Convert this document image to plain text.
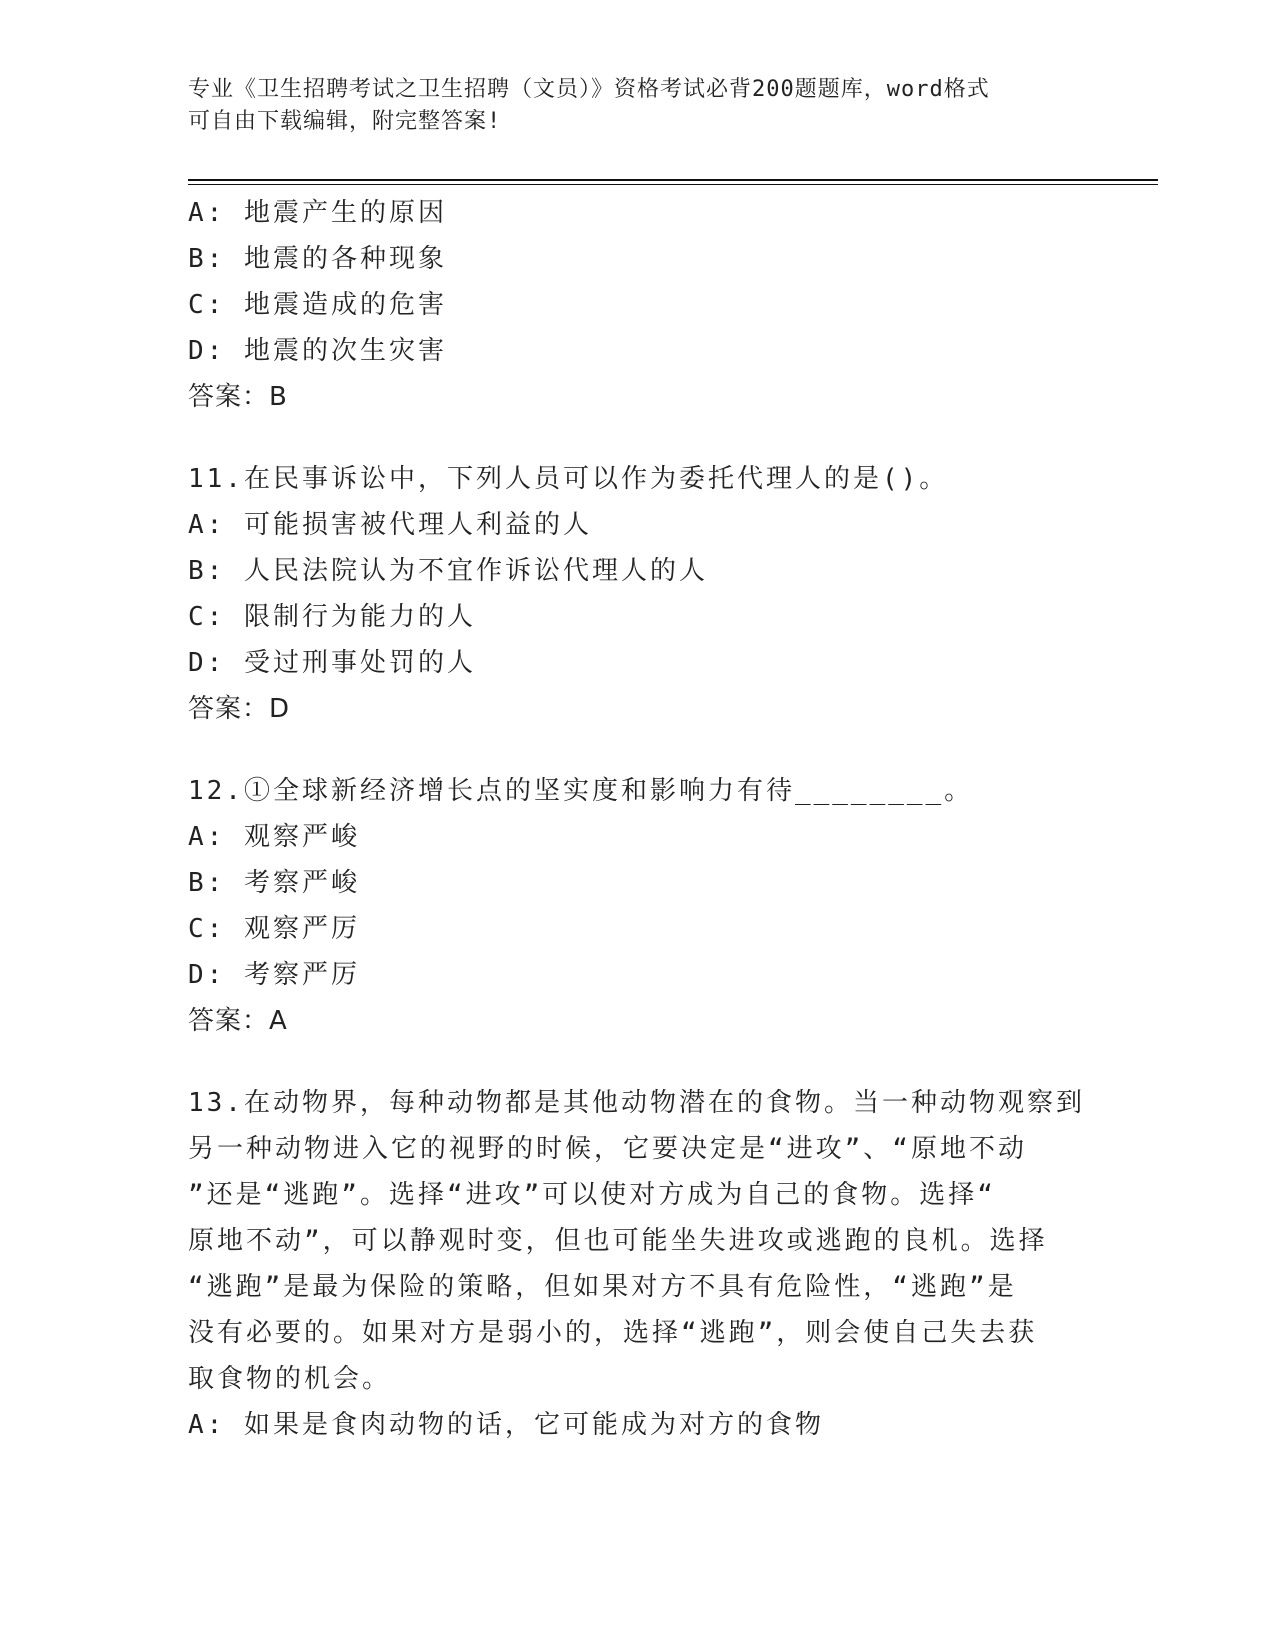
专业《卫生招聘考试之卫生招聘（文员）》资格考试必背200题题库，word格式
可自由下载编辑，附完整答案!
A: 地震产生的原因
B: 地震的各种现象
C: 地震造成的危害
D: 地震的次生灾害
答案：B
11.在民事诉讼中，下列人员可以作为委托代理人的是()。
A: 可能损害被代理人利益的人
B: 人民法院认为不宜作诉讼代理人的人
C: 限制行为能力的人
D: 受过刑事处罚的人
答案：D
12.①全球新经济增长点的坚实度和影响力有待________。
A: 观察严峻
B: 考察严峻
C: 观察严厉
D: 考察严厉
答案：A
13.在动物界，每种动物都是其他动物潜在的食物。当一种动物观察到
另一种动物进入它的视野的时候，它要决定是“进攻”、“原地不动
”还是“逃跑”。选择“进攻”可以使对方成为自己的食物。选择“
原地不动”，可以静观时变，但也可能坐失进攻或逃跑的良机。选择
“逃跑”是最为保险的策略，但如果对方不具有危险性，“逃跑”是
没有必要的。如果对方是弱小的，选择“逃跑”，则会使自己失去获
取食物的机会。
A: 如果是食肉动物的话，它可能成为对方的食物
